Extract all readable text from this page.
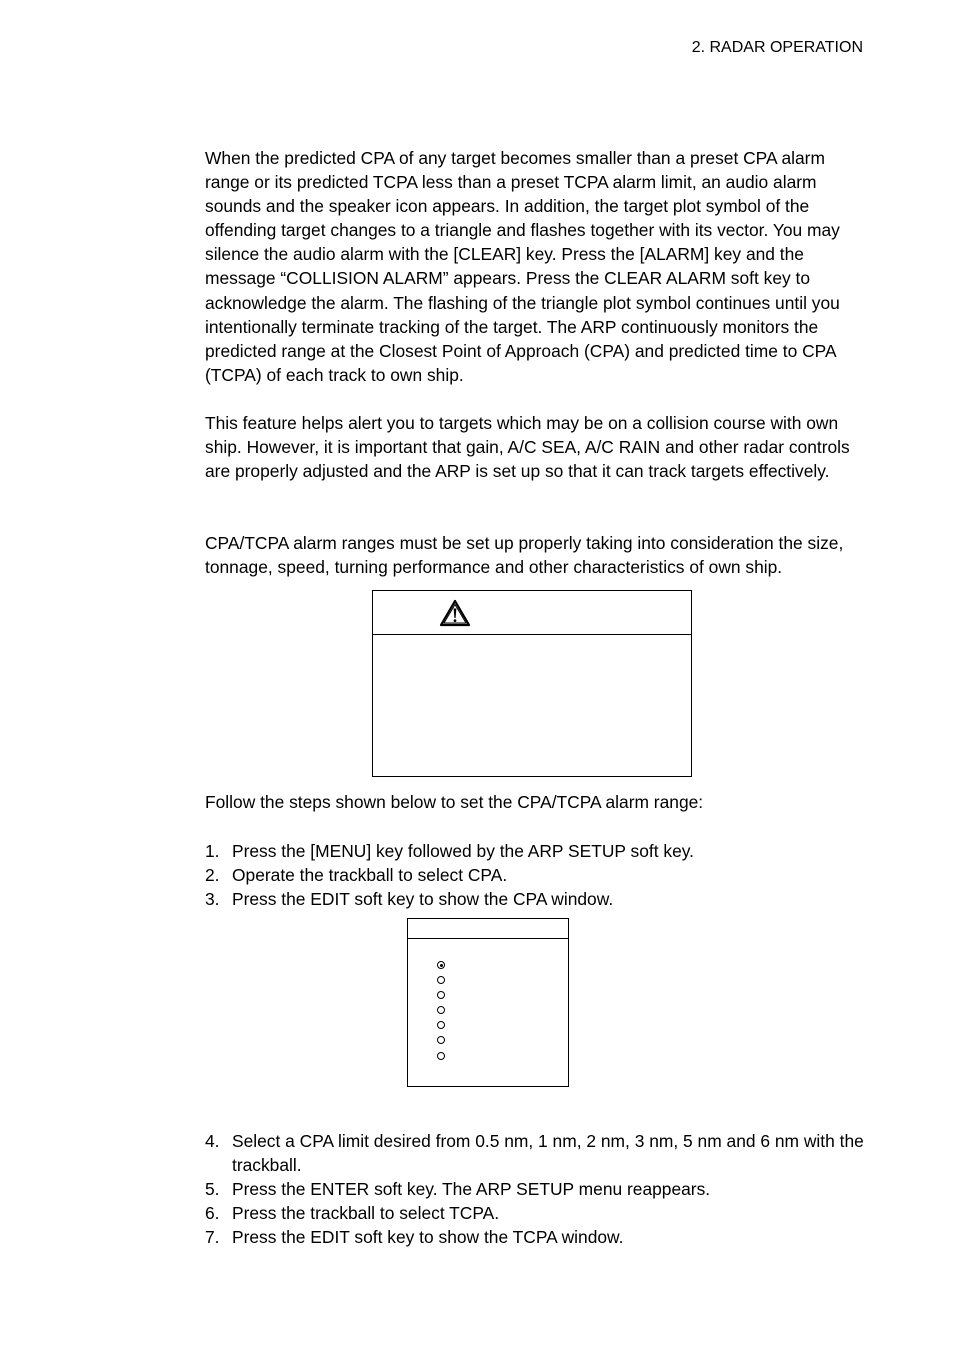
2. RADAR OPERATION

When the predicted CPA of any target becomes smaller than a preset CPA alarm range or its predicted TCPA less than a preset TCPA alarm limit, an audio alarm sounds and the speaker icon appears. In addition, the target plot symbol of the offending target changes to a triangle and flashes together with its vector. You may silence the audio alarm with the [CLEAR] key. Press the [ALARM] key and the message “COLLISION ALARM” appears. Press the CLEAR ALARM soft key to acknowledge the alarm. The flashing of the triangle plot symbol continues until you intentionally terminate tracking of the target. The ARP continuously monitors the predicted range at the Closest Point of Approach (CPA) and predicted time to CPA (TCPA) of each track to own ship.

This feature helps alert you to targets which may be on a collision course with own ship. However, it is important that gain, A/C SEA, A/C RAIN and other radar controls are properly adjusted and the ARP is set up so that it can track targets effectively.

CPA/TCPA alarm ranges must be set up properly taking into consideration the size, tonnage, speed, turning performance and other characteristics of own ship.

Follow the steps shown below to set the CPA/TCPA alarm range:

1. Press the [MENU] key followed by the ARP SETUP soft key.
2. Operate the trackball to select CPA.
3. Press the EDIT soft key to show the CPA window.
4. Select a CPA limit desired from 0.5 nm, 1 nm, 2 nm, 3 nm, 5 nm and 6 nm with the trackball.
5. Press the ENTER soft key. The ARP SETUP menu reappears.
6. Press the trackball to select TCPA.
7. Press the EDIT soft key to show the TCPA window.
